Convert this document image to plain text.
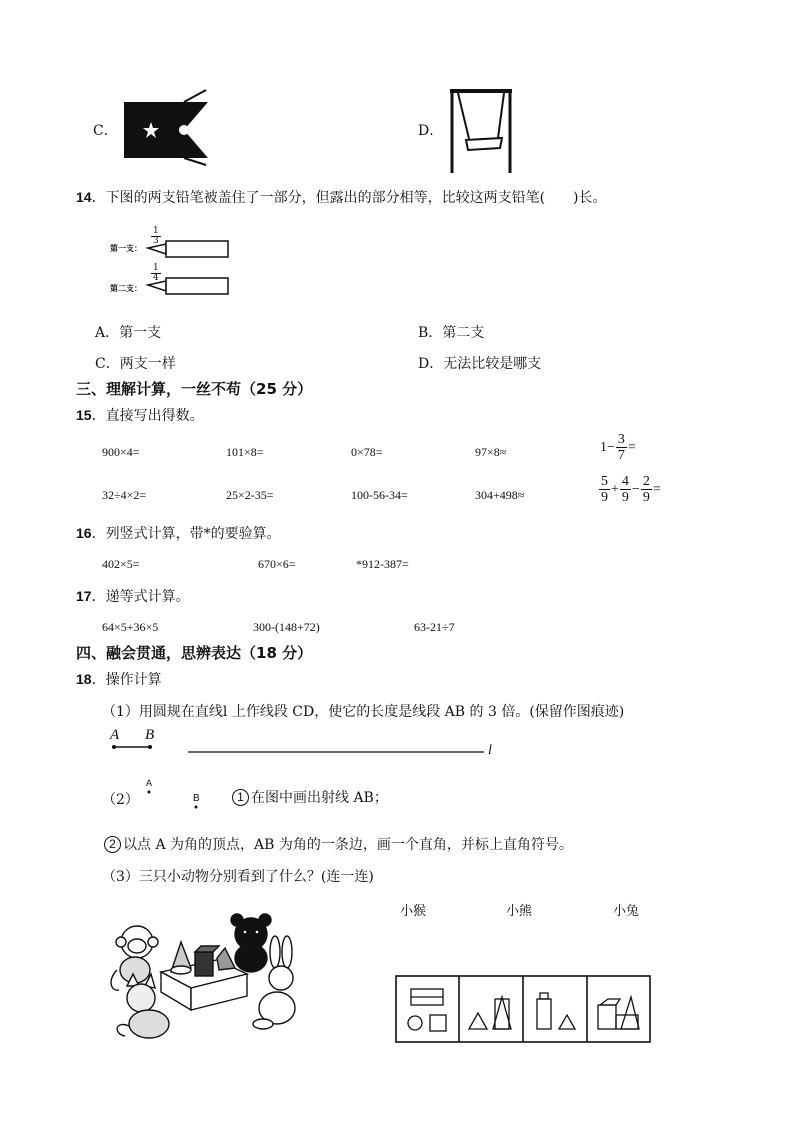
C．	D．
14．下图的两支铅笔被盖住了一部分，但露出的部分相等，比较这两支铅笔(　　)长。
第一支：
$\frac{1}{3}$
第二支：
$\frac{1}{4}$
A．第一支	B．第二支
C．两支一样	D．无法比较是哪支
三、理解计算，一丝不苟（25 分）
15．直接写出得数。
900×4=	101×8=	0×78=	97×8≈	$1- \frac{3}{7}$ =
32÷4×2=	25×2-35=	100-56-34=	304+498≈	$\frac{5}{9} + \frac{4}{9} - \frac{2}{9}$ =
16．列竖式计算，带*的要验算。
402×5=	670×6=	*912-387=
17．递等式计算。
64×5+36×5	300-(148+72)	63-21÷7
四、融会贯通，思辨表达（18 分）
18．操作计算
（1）用圆规在直线l 上作线段 CD，使它的长度是线段 AB 的 3 倍。(保留作图痕迹)
A B
l
（2）
A
B	1 在图中画出射线 AB；
2 以点 A 为角的顶点，AB 为角的一条边，画一个直角，并标上直角符号。
（3）三只小动物分别看到了什么？(连一连)
小猴	小熊	小兔
